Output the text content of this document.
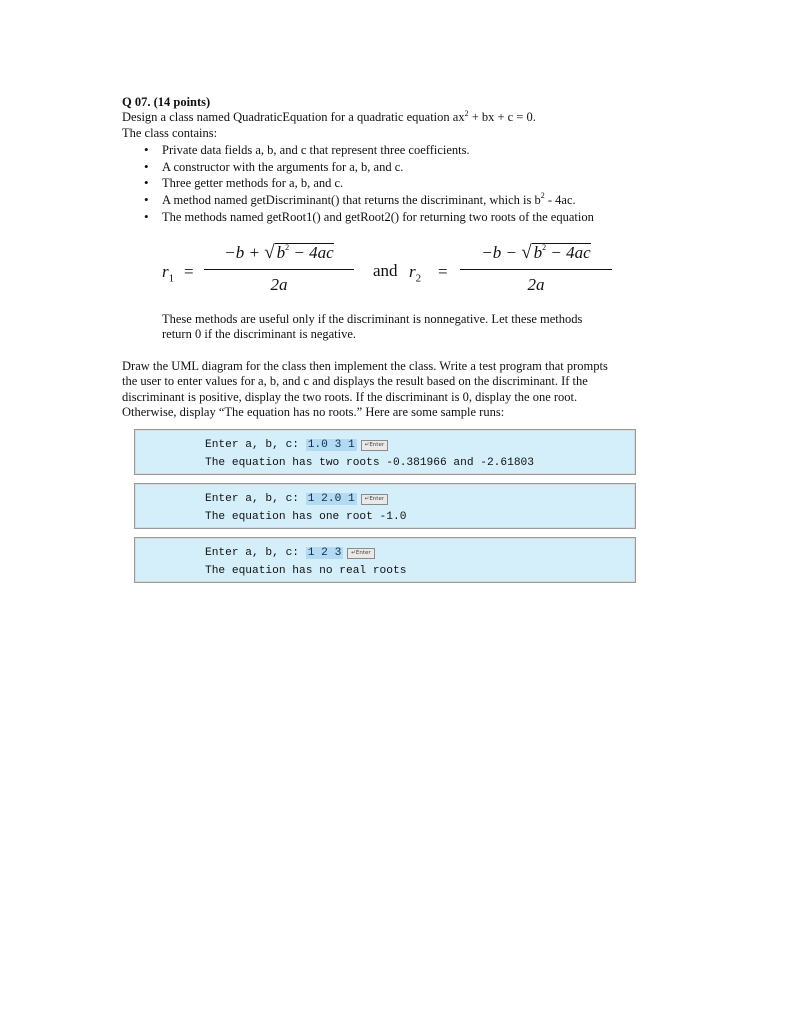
Q 07. (14 points)
Design a class named QuadraticEquation for a quadratic equation $ax^2$ + bx + c = 0.
The class contains:
• Private data fields a, b, and c that represent three coefficients.
• A constructor with the arguments for a, b, and c.
• Three getter methods for a, b, and c.
• A method named getDiscriminant() that returns the discriminant, which is $b^2 - 4ac$.
• The methods named getRoot1() and getRoot2() for returning two roots of the equation
$r_1$ =
−b + √ $b^2 - 4ac$
2a
and $r_2$ =
−b − √ $b^2 - 4ac$
2a
These methods are useful only if the discriminant is nonnegative. Let these methods
return 0 if the discriminant is negative.
Draw the UML diagram for the class then implement the class. Write a test program that prompts
the user to enter values for a, b, and c and displays the result based on the discriminant. If the
discriminant is positive, display the two roots. If the discriminant is 0, display the one root.
Otherwise, display “The equation has no roots.” Here are some sample runs:
Enter a, b, c: 1.0 3 1 ↵Enter
The equation has two roots -0.381966 and -2.61803
Enter a, b, c: 1 2.0 1 ↵Enter
The equation has one root -1.0
Enter a, b, c: 1 2 3 ↵Enter
The equation has no real roots
